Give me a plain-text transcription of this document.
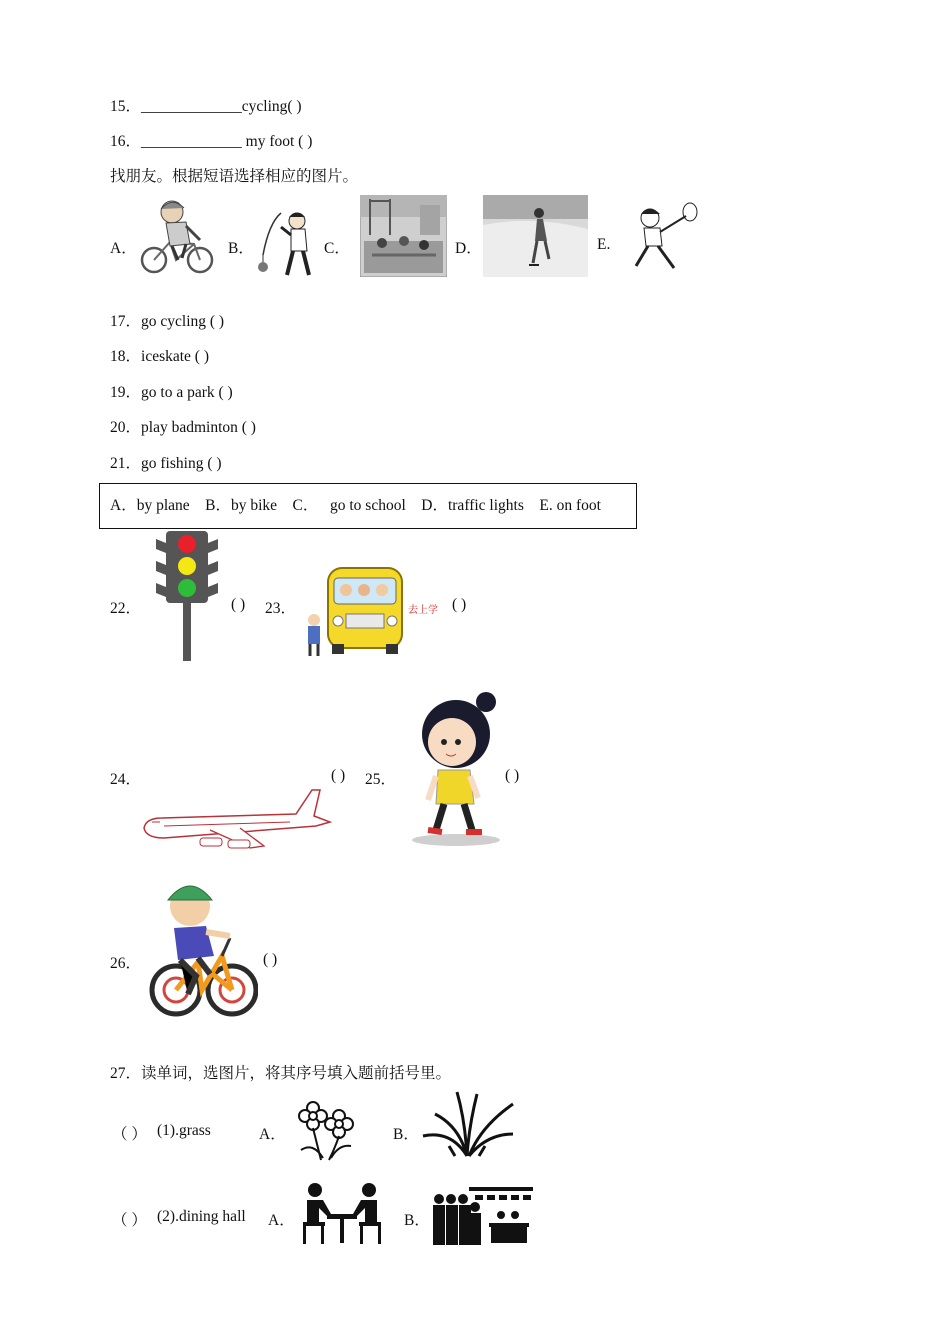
15．_____________cycling( )
16．_____________ my foot ( )
找朋友。根据短语选择相应的图片。
A．	B．	C．	D．	E.
17．go cycling ( )
18．iceskate ( )
19．go to a park ( )
20．play badminton ( )
21．go fishing ( )
A．by plane    B．by bike    C．   go to school    D．traffic lights    E. on foot
22．	( ) 23．	去上学 ( )
24．	( ) 25．	( )
26．	( )
27．读单词，选图片，将其序号填入题前括号里。
（ ） (1).grass	A．	B．
（ ） (2).dining hall A．	B．
